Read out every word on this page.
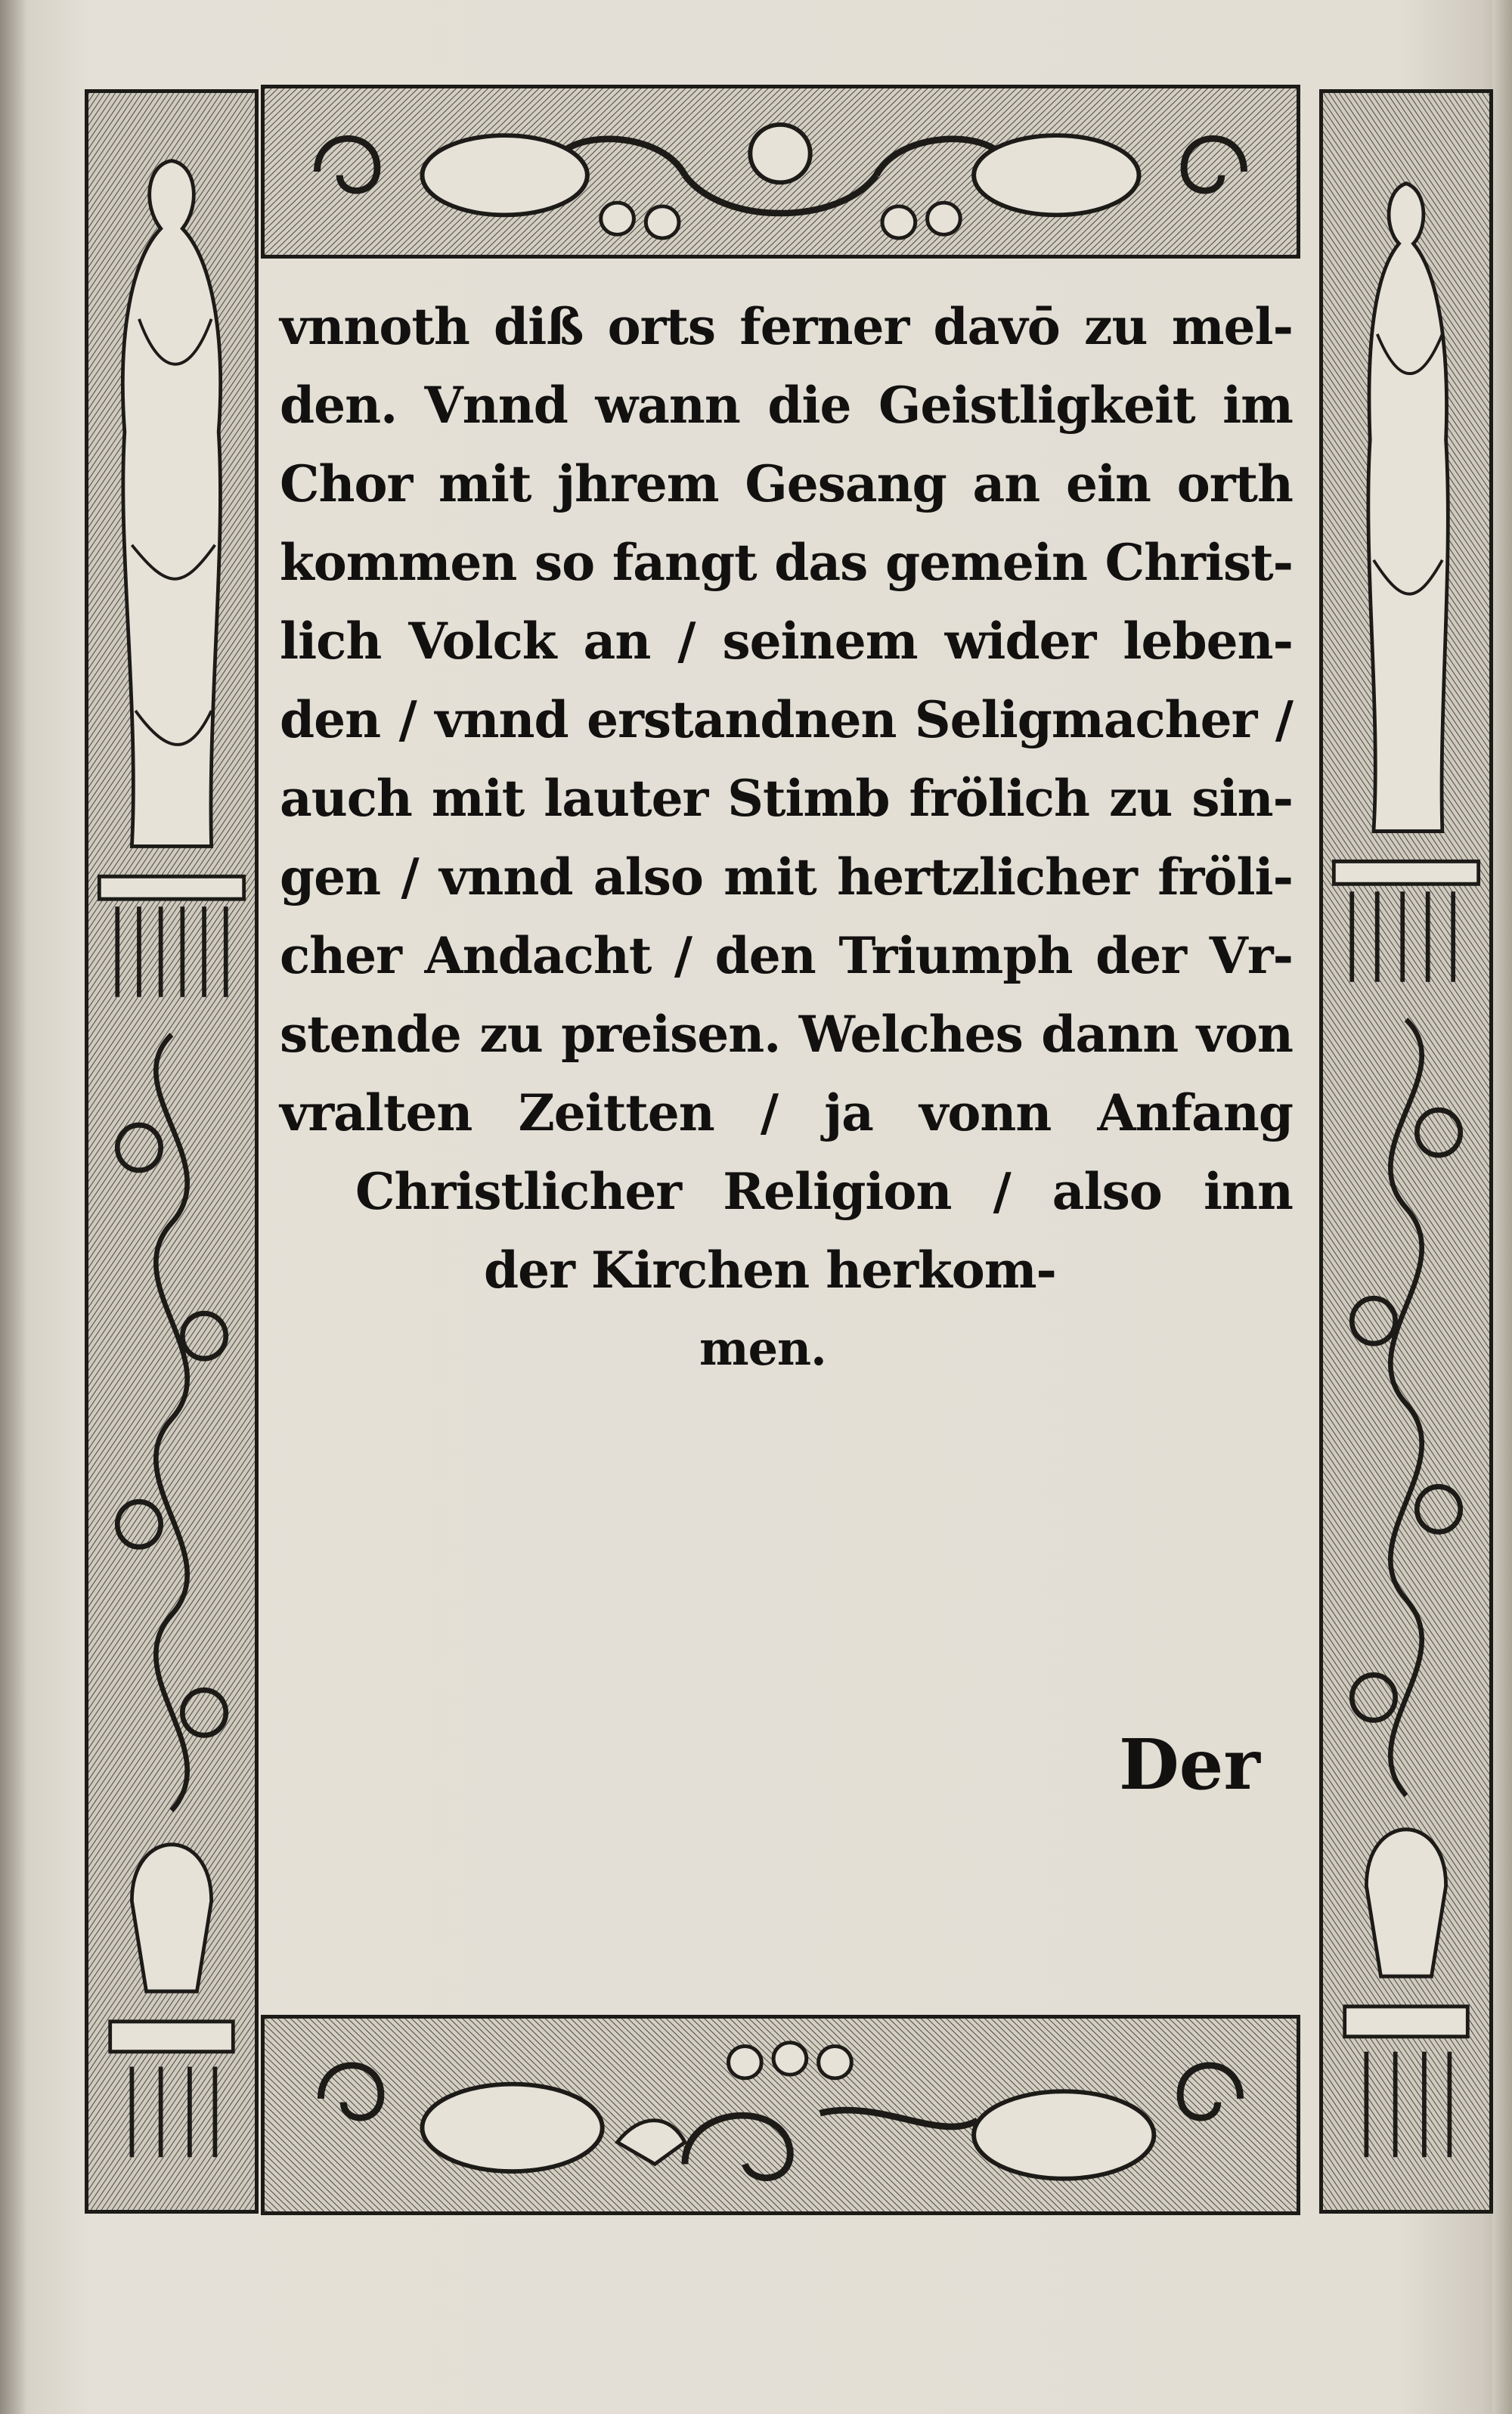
vnnoth diß orts ferner davō zu mel-
den. Vnnd wann die Geistligkeit im
Chor mit jhrem Gesang an ein orth
kommen so fangt das gemein Christ-
lich Volck an / seinem wider leben-
den / vnnd erstandnen Seligmacher /
auch mit lauter Stimb frölich zu sin-
gen / vnnd also mit hertzlicher fröli-
cher Andacht / den Triumph der Vr-
stende zu preisen. Welches dann von
vralten Zeitten / ja vonn Anfang
Christlicher Religion / also inn
der Kirchen herkom-
men.
Der
